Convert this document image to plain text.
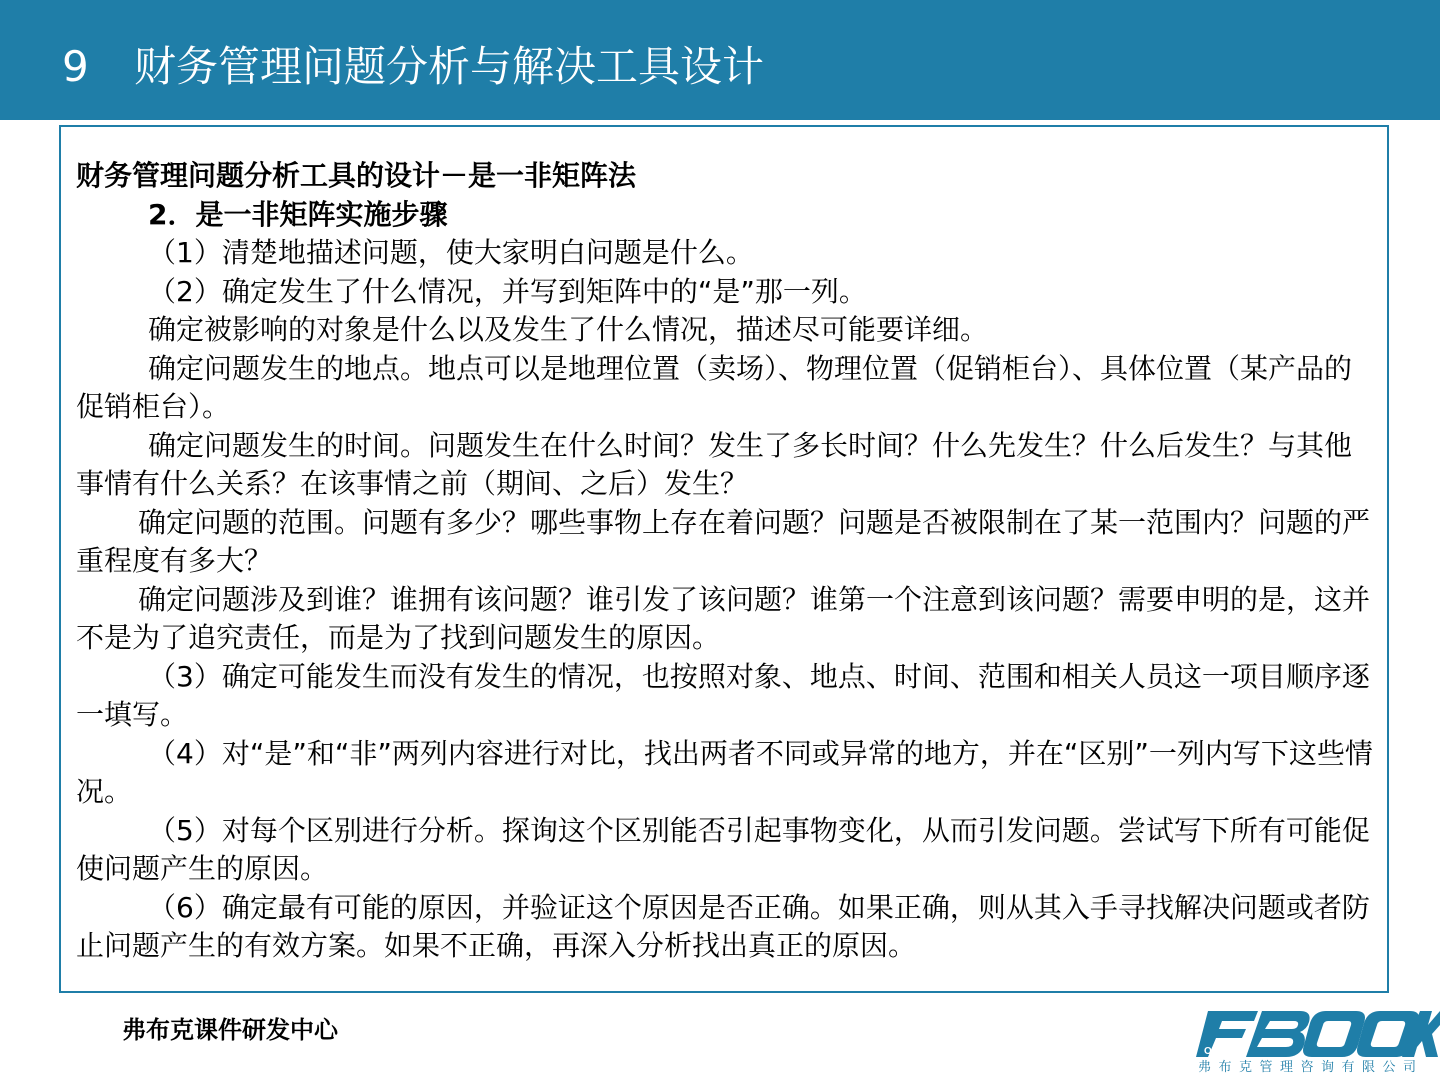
9 财务管理问题分析与解决工具设计

财务管理问题分析工具的设计－是一非矩阵法

2．是一非矩阵实施步骤

（1）清楚地描述问题，使大家明白问题是什么。

（2）确定发生了什么情况，并写到矩阵中的“是”那一列。

确定被影响的对象是什么以及发生了什么情况，描述尽可能要详细。

确定问题发生的地点。地点可以是地理位置（卖场）、物理位置（促销柜台）、具体位置（某产品的促销柜台）。

确定问题发生的时间。问题发生在什么时间？发生了多长时间？什么先发生？什么后发生？与其他事情有什么关系？在该事情之前（期间、之后）发生？

确定问题的范围。问题有多少？哪些事物上存在着问题？问题是否被限制在了某一范围内？问题的严重程度有多大？

确定问题涉及到谁？谁拥有该问题？谁引发了该问题？谁第一个注意到该问题？需要申明的是，这并不是为了追究责任，而是为了找到问题发生的原因。

（3）确定可能发生而没有发生的情况，也按照对象、地点、时间、范围和相关人员这一项目顺序逐一填写。

（4）对“是”和“非”两列内容进行对比，找出两者不同或异常的地方，并在“区别”一列内写下这些情况。

（5）对每个区别进行分析。探询这个区别能否引起事物变化，从而引发问题。尝试写下所有可能促使问题产生的原因。

（6）确定最有可能的原因，并验证这个原因是否正确。如果正确，则从其入手寻找解决问题或者防止问题产生的有效方案。如果不正确，再深入分析找出真正的原因。

弗布克课件研发中心
OR
弗布克管理咨询有限公司
